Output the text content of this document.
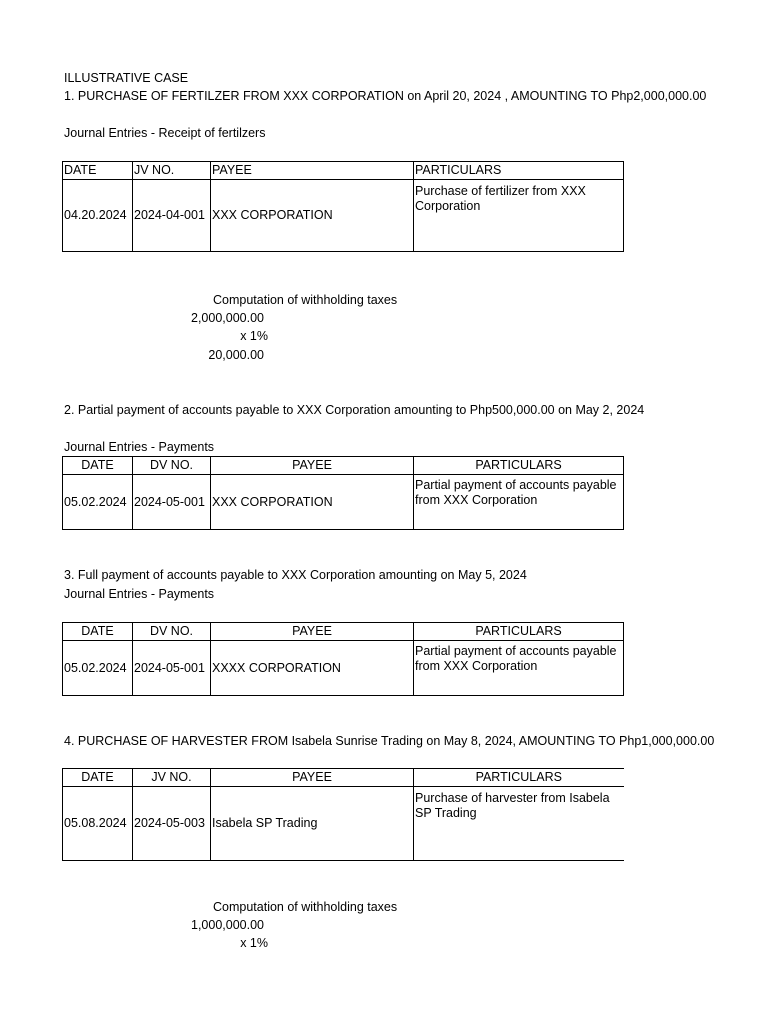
ILLUSTRATIVE CASE
1. PURCHASE OF FERTILZER FROM XXX CORPORATION on April 20, 2024 , AMOUNTING TO Php2,000,000.00
Journal Entries - Receipt of fertilzers
DATE	JV NO.	PAYEE	PARTICULARS
04.20.2024	2024-04-001	XXX CORPORATION	Purchase of fertilizer from XXX Corporation
Computation of withholding taxes
2,000,000.00
x 1%
20,000.00
2. Partial payment of accounts payable to XXX Corporation amounting to Php500,000.00 on May 2, 2024
Journal Entries - Payments
DATE	DV NO.	PAYEE	PARTICULARS
05.02.2024	2024-05-001	XXX CORPORATION	Partial payment of accounts payable from XXX Corporation
3. Full payment of accounts payable to XXX Corporation amounting on May 5, 2024
Journal Entries - Payments
DATE	DV NO.	PAYEE	PARTICULARS
05.02.2024	2024-05-001	XXXX CORPORATION	Partial payment of accounts payable from XXX Corporation
4. PURCHASE OF HARVESTER FROM Isabela Sunrise Trading on May 8, 2024, AMOUNTING TO Php1,000,000.00
DATE	JV NO.	PAYEE	PARTICULARS
05.08.2024	2024-05-003	Isabela SP Trading	Purchase of harvester from Isabela SP Trading
Computation of withholding taxes
1,000,000.00
x 1%
